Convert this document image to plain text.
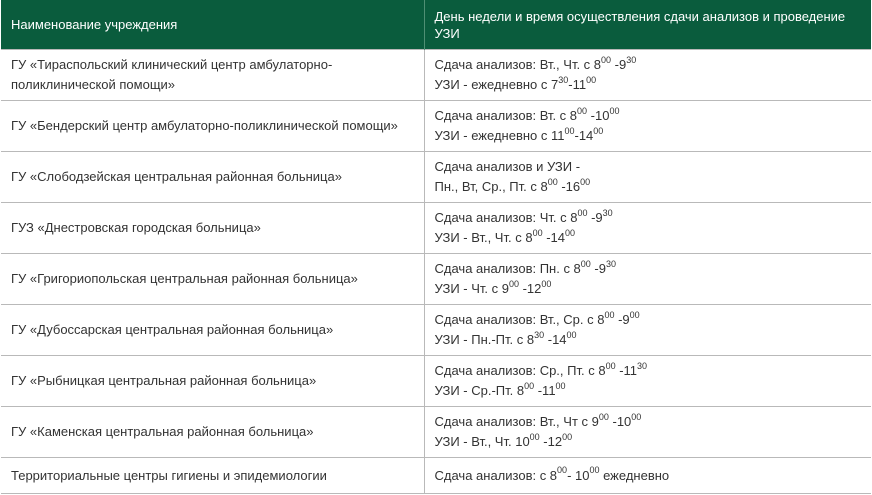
Наименование учреждения	День недели и время осуществления сдачи анализов и проведение УЗИ
ГУ «Тираспольский клинический центр амбулаторно-поликлинической помощи»	Сдача анализов: Вт., Чт. с $8^{00}$ $-9^{30}$
УЗИ - ежедневно с $7^{30}-11^{00}$

ГУ «Бендерский центр амбулаторно-поликлинической помощи»	Сдача анализов: Вт. с $8^{00}$ $-10^{00}$
УЗИ - ежедневно с $11^{00}-14^{00}$

ГУ «Слободзейская центральная районная больница»	Сдача анализов и УЗИ -
Пн., Вт, Ср., Пт. с $8^{00}$ $-16^{00}$

ГУЗ «Днестровская городская больница»	Сдача анализов: Чт. с $8^{00}$ $-9^{30}$
УЗИ - Вт., Чт. с $8^{00}$ $-14^{00}$

ГУ «Григориопольская центральная районная больница»	Сдача анализов: Пн. с $8^{00}$ $-9^{30}$
УЗИ - Чт. с $9^{00}$ $-12^{00}$

ГУ «Дубоссарская центральная районная больница»	Сдача анализов: Вт., Ср. с $8^{00}$ $-9^{00}$
УЗИ - Пн.-Пт. с $8^{30}$ $-14^{00}$

ГУ «Рыбницкая центральная районная больница»	Сдача анализов: Ср., Пт. с $8^{00}$ $-11^{30}$
УЗИ - Ср.-Пт. $8^{00}$ $-11^{00}$

ГУ «Каменская центральная районная больница»	Сдача анализов: Вт., Чт с $9^{00}$ $-10^{00}$
УЗИ - Вт., Чт. $10^{00}$ $-12^{00}$

Территориальные центры гигиены и эпидемиологии	Сдача анализов: с $8^{00}-$ $10^{00}$ ежедневно
